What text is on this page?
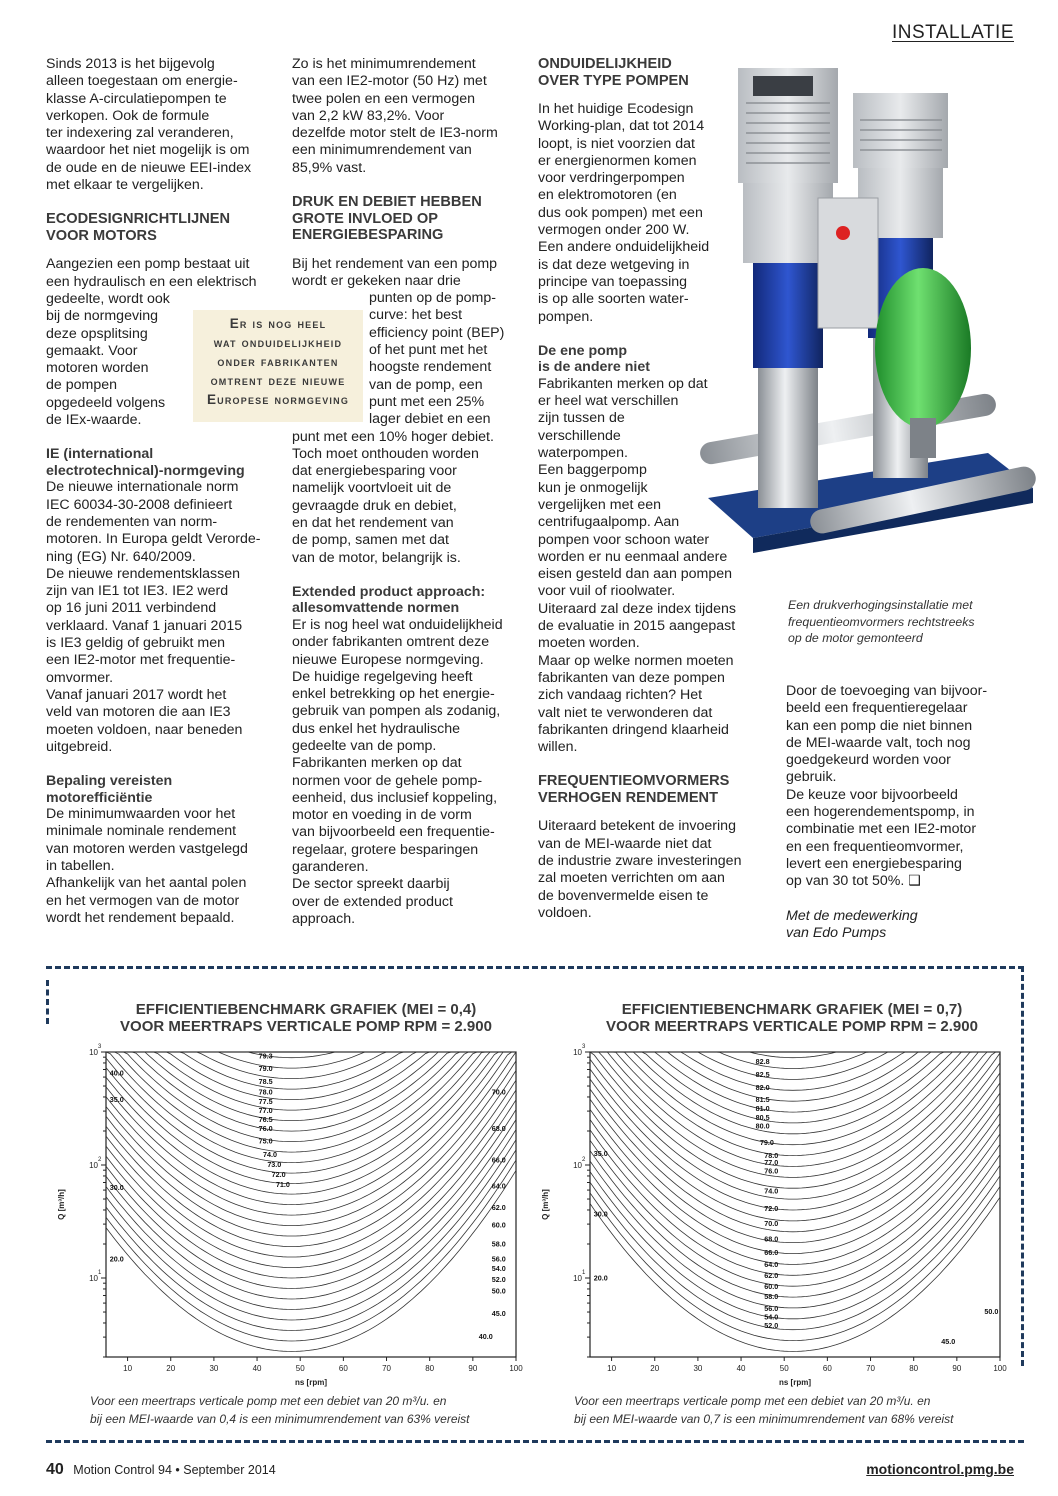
INSTALLATIE

Sinds 2013 is het bijgevolg
alleen toegestaan om energie-
klasse A-circulatiepompen te
verkopen. Ook de formule
ter indexering zal veranderen,
waardoor het niet mogelijk is om
de oude en de nieuwe EEI-index
met elkaar te vergelijken.

ECODESIGNRICHTLIJNEN
VOOR MOTORS

Aangezien een pomp bestaat uit
een hydraulisch en een elektrisch

gedeelte, wordt ook
bij de normgeving
deze opsplitsing
gemaakt. Voor
motoren worden
de pompen
opgedeeld volgens
de IEx-waarde.

IE (international
electrotechnical)-normgeving

De nieuwe internationale norm
IEC 60034-30-2008 definieert
de rendementen van norm-
motoren. In Europa geldt Verorde-
ning (EG) Nr. 640/2009.
De nieuwe rendementsklassen
zijn van IE1 tot IE3. IE2 werd
op 16 juni 2011 verbindend
verklaard. Vanaf 1 januari 2015
is IE3 geldig of gebruikt men
een IE2-motor met frequentie-
omvormer.
Vanaf januari 2017 wordt het
veld van motoren die aan IE3
moeten voldoen, naar beneden
uitgebreid.

Bepaling vereisten
motorefficiëntie

De minimumwaarden voor het
minimale nominale rendement
van motoren werden vastgelegd
in tabellen.
Afhankelijk van het aantal polen
en het vermogen van de motor
wordt het rendement bepaald.

Er is nog heel
wat onduidelijkheid
onder fabrikanten
omtrent deze nieuwe
Europese normgeving

Zo is het minimumrendement
van een IE2-motor (50 Hz) met
twee polen en een vermogen
van 2,2 kW 83,2%. Voor
dezelfde motor stelt de IE3-norm
een minimumrendement van
85,9% vast.

DRUK EN DEBIET HEBBEN
GROTE INVLOED OP
ENERGIEBESPARING

Bij het rendement van een pomp
wordt er gekeken naar drie

punten op de pomp-
curve: het best
efficiency point (BEP)
of het punt met het
hoogste rendement
van de pomp, een
punt met een 25%
lager debiet en een

punt met een 10% hoger debiet.
Toch moet onthouden worden
dat energiebesparing voor
namelijk voortvloeit uit de
gevraagde druk en debiet,
en dat het rendement van
de pomp, samen met dat
van de motor, belangrijk is.

Extended product approach:
allesomvattende normen

Er is nog heel wat onduidelijkheid
onder fabrikanten omtrent deze
nieuwe Europese normgeving.
De huidige regelgeving heeft
enkel betrekking op het energie-
gebruik van pompen als zodanig,
dus enkel het hydraulische
gedeelte van de pomp.
Fabrikanten merken op dat
normen voor de gehele pomp-
eenheid, dus inclusief koppeling,
motor en voeding in de vorm
van bijvoorbeeld een frequentie-
regelaar, grotere besparingen
garanderen.
De sector spreekt daarbij
over de extended product
approach.

ONDUIDELIJKHEID
OVER TYPE POMPEN

In het huidige Ecodesign
Working-plan, dat tot 2014
loopt, is niet voorzien dat
er energienormen komen
voor verdringerpompen
en elektromotoren (en
dus ook pompen) met een
vermogen onder 200 W.
Een andere onduidelijkheid
is dat deze wetgeving in
principe van toepassing
is op alle soorten water-
pompen.

De ene pomp
is de andere niet

Fabrikanten merken op dat
er heel wat verschillen
zijn tussen de
verschillende
waterpompen.
Een baggerpomp
kun je onmogelijk
vergelijken met een
centrifugaalpomp. Aan
pompen voor schoon water
worden er nu eenmaal andere
eisen gesteld dan aan pompen
voor vuil of rioolwater.
Uiteraard zal deze index tijdens
de evaluatie in 2015 aangepast
moeten worden.
Maar op welke normen moeten
fabrikanten van deze pompen
zich vandaag richten? Het
valt niet te verwonderen dat
fabrikanten dringend klaarheid
willen.

FREQUENTIEOMVORMERS
VERHOGEN RENDEMENT

Uiteraard betekent de invoering
van de MEI-waarde niet dat
de industrie zware investeringen
zal moeten verrichten om aan
de bovenvermelde eisen te
voldoen.

Een drukverhogingsinstallatie met
frequentieomvormers rechtstreeks
op de motor gemonteerd

Door de toevoeging van bijvoor-
beeld een frequentieregelaar
kan een pomp die niet binnen
de MEI-waarde valt, toch nog
goedgekeurd worden voor
gebruik.
De keuze voor bijvoorbeeld
een hogerendementspomp, in
combinatie met een IE2-motor
en een frequentieomvormer,
levert een energiebesparing
op van 30 tot 50%. ❑

Met de medewerking
van Edo Pumps

EFFICIENTIEBENCHMARK GRAFIEK (MEI = 0,4)
VOOR MEERTRAPS VERTICALE POMP RPM = 2.900
EFFICIENTIEBENCHMARK GRAFIEK (MEI = 0,7)
VOOR MEERTRAPS VERTICALE POMP RPM = 2.900
79.3
79.0
78.5
78.0
77.5
77.0
76.5
76.0
75.0
74.0
73.0
72.0
71.0
70.0
68.0
66.0
64.0
62.0
60.0
58.0
56.0
54.0
52.0
50.0
45.0
40.0
40.0
35.0
30.0
20.0
10	20	30	40	50	60	70	80	90	100
10
1
10
2
10
3
ns [rpm]
Q [m³/h]
82.8
82.5
82.0
81.5
81.0
80.5
80.0
79.0
78.0
77.0
76.0
74.0
72.0
70.0
68.0
66.0
64.0
62.0
60.0
58.0
56.0
54.0
52.0
50.0
45.0
35.0
30.0
20.0
10	20	30	40	50	60	70	80	90	100
10
1
10
2
10
3
ns [rpm]
Q [m³/h]
Voor een meertraps verticale pomp met een debiet van 20 m³/u. en
bij een MEI-waarde van 0,4 is een minimumrendement van 63% vereist
Voor een meertraps verticale pomp met een debiet van 20 m³/u. en
bij een MEI-waarde van 0,7 is een minimumrendement van 68% vereist
40 Motion Control 94 • September 2014	motioncontrol.pmg.be
